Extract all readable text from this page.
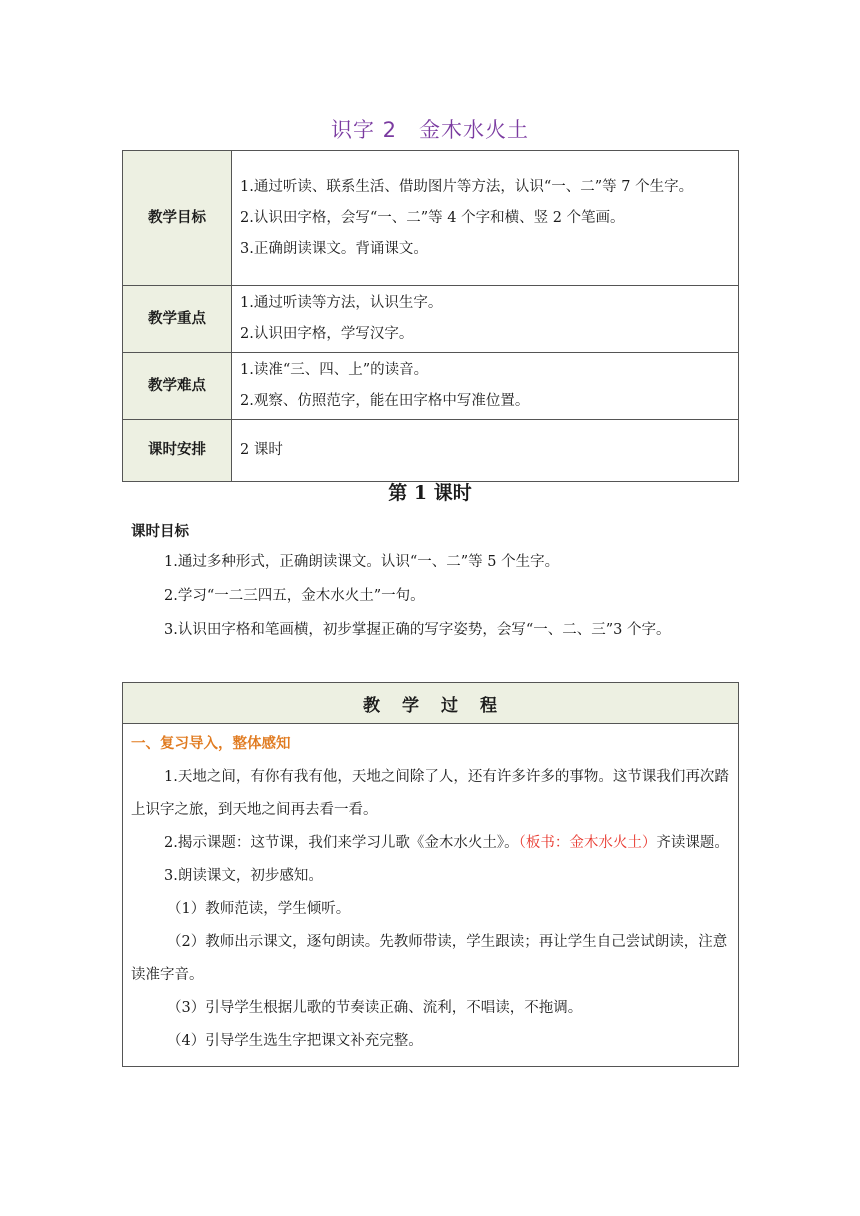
识字 2　金木水火土
教学目标	1.通过听读、联系生活、借助图片等方法，认识“一、二”等 7 个生字。

2.认识田字格，会写“一、二”等 4 个字和横、竖 2 个笔画。

3.正确朗读课文。背诵课文。

教学重点	1.通过听读等方法，认识生字。

2.认识田字格，学写汉字。

教学难点	1.读准“三、四、上”的读音。

2.观察、仿照范字，能在田字格中写准位置。

课时安排	2 课时

第 1 课时
课时目标

1.通过多种形式，正确朗读课文。认识“一、二”等 5 个生字。

2.学习“一二三四五，金木水火土”一句。

3.认识田字格和笔画横，初步掌握正确的写字姿势，会写“一、二、三”3 个字。

教学过程

一、复习导入，整体感知

1.天地之间，有你有我有他，天地之间除了人，还有许多许多的事物。这节课我们再次踏上识字之旅，到天地之间再去看一看。

2.揭示课题：这节课，我们来学习儿歌《金木水火土》。（板书：金木水火土）齐读课题。

3.朗读课文，初步感知。

（1）教师范读，学生倾听。

（2）教师出示课文，逐句朗读。先教师带读，学生跟读；再让学生自己尝试朗读，注意读准字音。

（3）引导学生根据儿歌的节奏读正确、流利，不唱读，不拖调。

（4）引导学生选生字把课文补充完整。
